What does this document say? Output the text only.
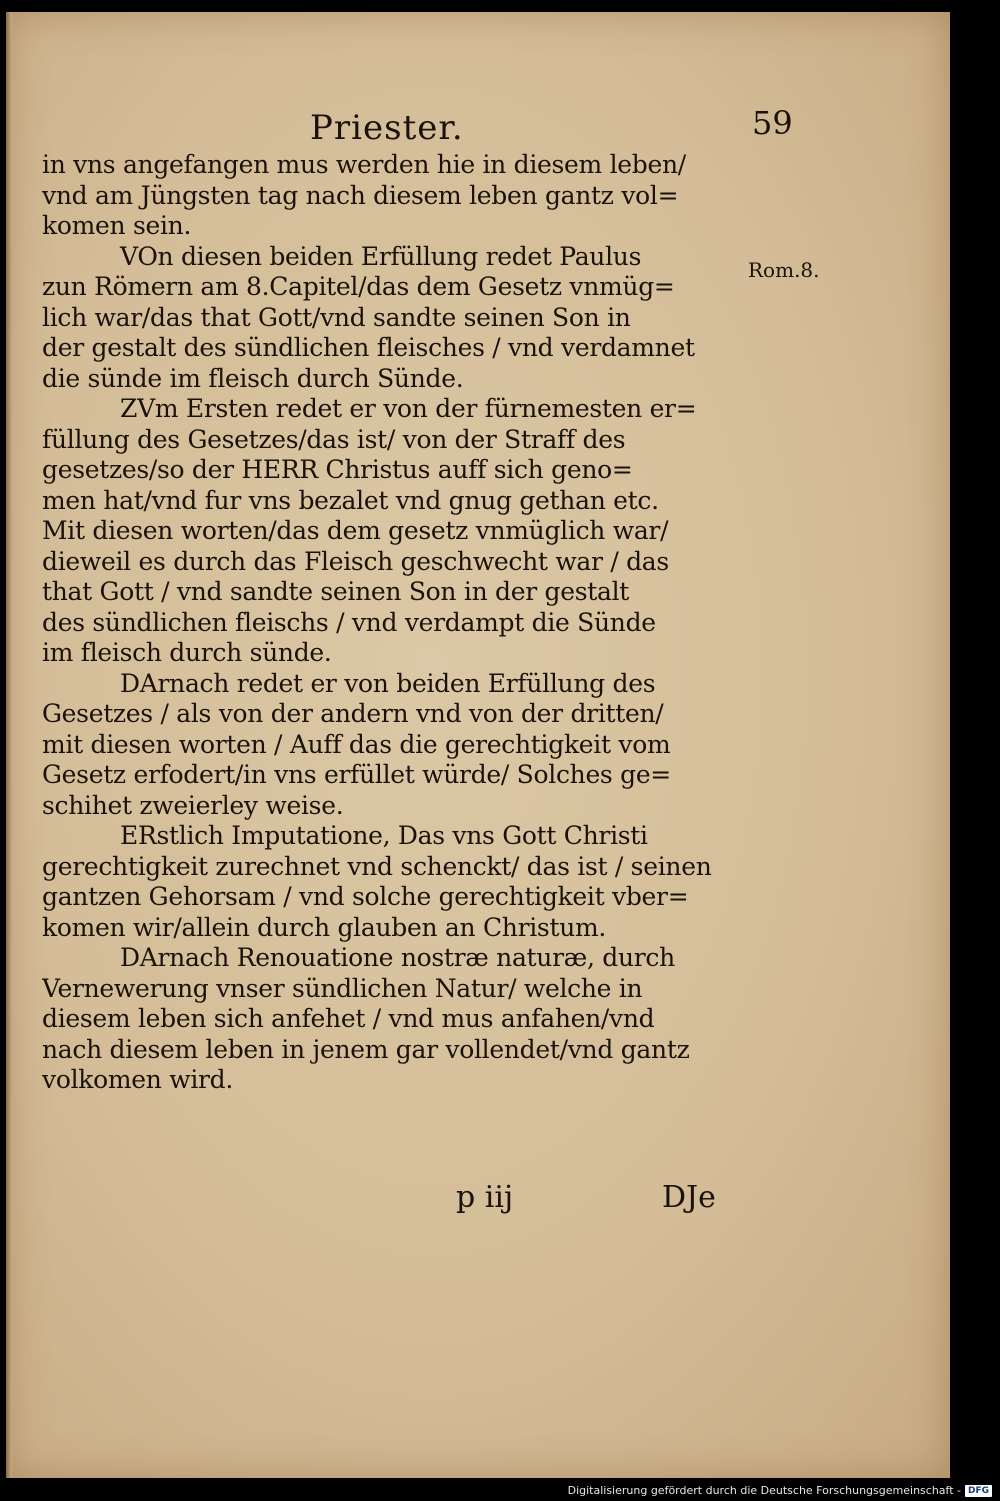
Priester.	59
Rom.8.
in vns angefangen mus werden hie in diesem leben/
vnd am Jüngsten tag nach diesem leben gantz vol=
komen sein.
VOn diesen beiden Erfüllung redet Paulus
zun Römern am 8.Capitel/das dem Gesetz vnmüg=
lich war/das that Gott/vnd sandte seinen Son in
der gestalt des sündlichen fleisches / vnd verdamnet
die sünde im fleisch durch Sünde.
ZVm Ersten redet er von der fürnemesten er=
füllung des Gesetzes/das ist/ von der Straff des
gesetzes/so der HERR Christus auff sich geno=
men hat/vnd fur vns bezalet vnd gnug gethan etc.
Mit diesen worten/das dem gesetz vnmüglich war/
dieweil es durch das Fleisch geschwecht war / das
that Gott / vnd sandte seinen Son in der gestalt
des sündlichen fleischs / vnd verdampt die Sünde
im fleisch durch sünde.
DArnach redet er von beiden Erfüllung des
Gesetzes / als von der andern vnd von der dritten/
mit diesen worten / Auff das die gerechtigkeit vom
Gesetz erfodert/in vns erfüllet würde/ Solches ge=
schihet zweierley weise.
ERstlich Imputatione, Das vns Gott Christi
gerechtigkeit zurechnet vnd schenckt/ das ist / seinen
gantzen Gehorsam / vnd solche gerechtigkeit vber=
komen wir/allein durch glauben an Christum.
DArnach Renouatione nostræ naturæ, durch
Vernewerung vnser sündlichen Natur/ welche in
diesem leben sich anfehet / vnd mus anfahen/vnd
nach diesem leben in jenem gar vollendet/vnd gantz
volkomen wird.
p iij	DJe
Digitalisierung gefördert durch die Deutsche Forschungsgemeinschaft - DFG
